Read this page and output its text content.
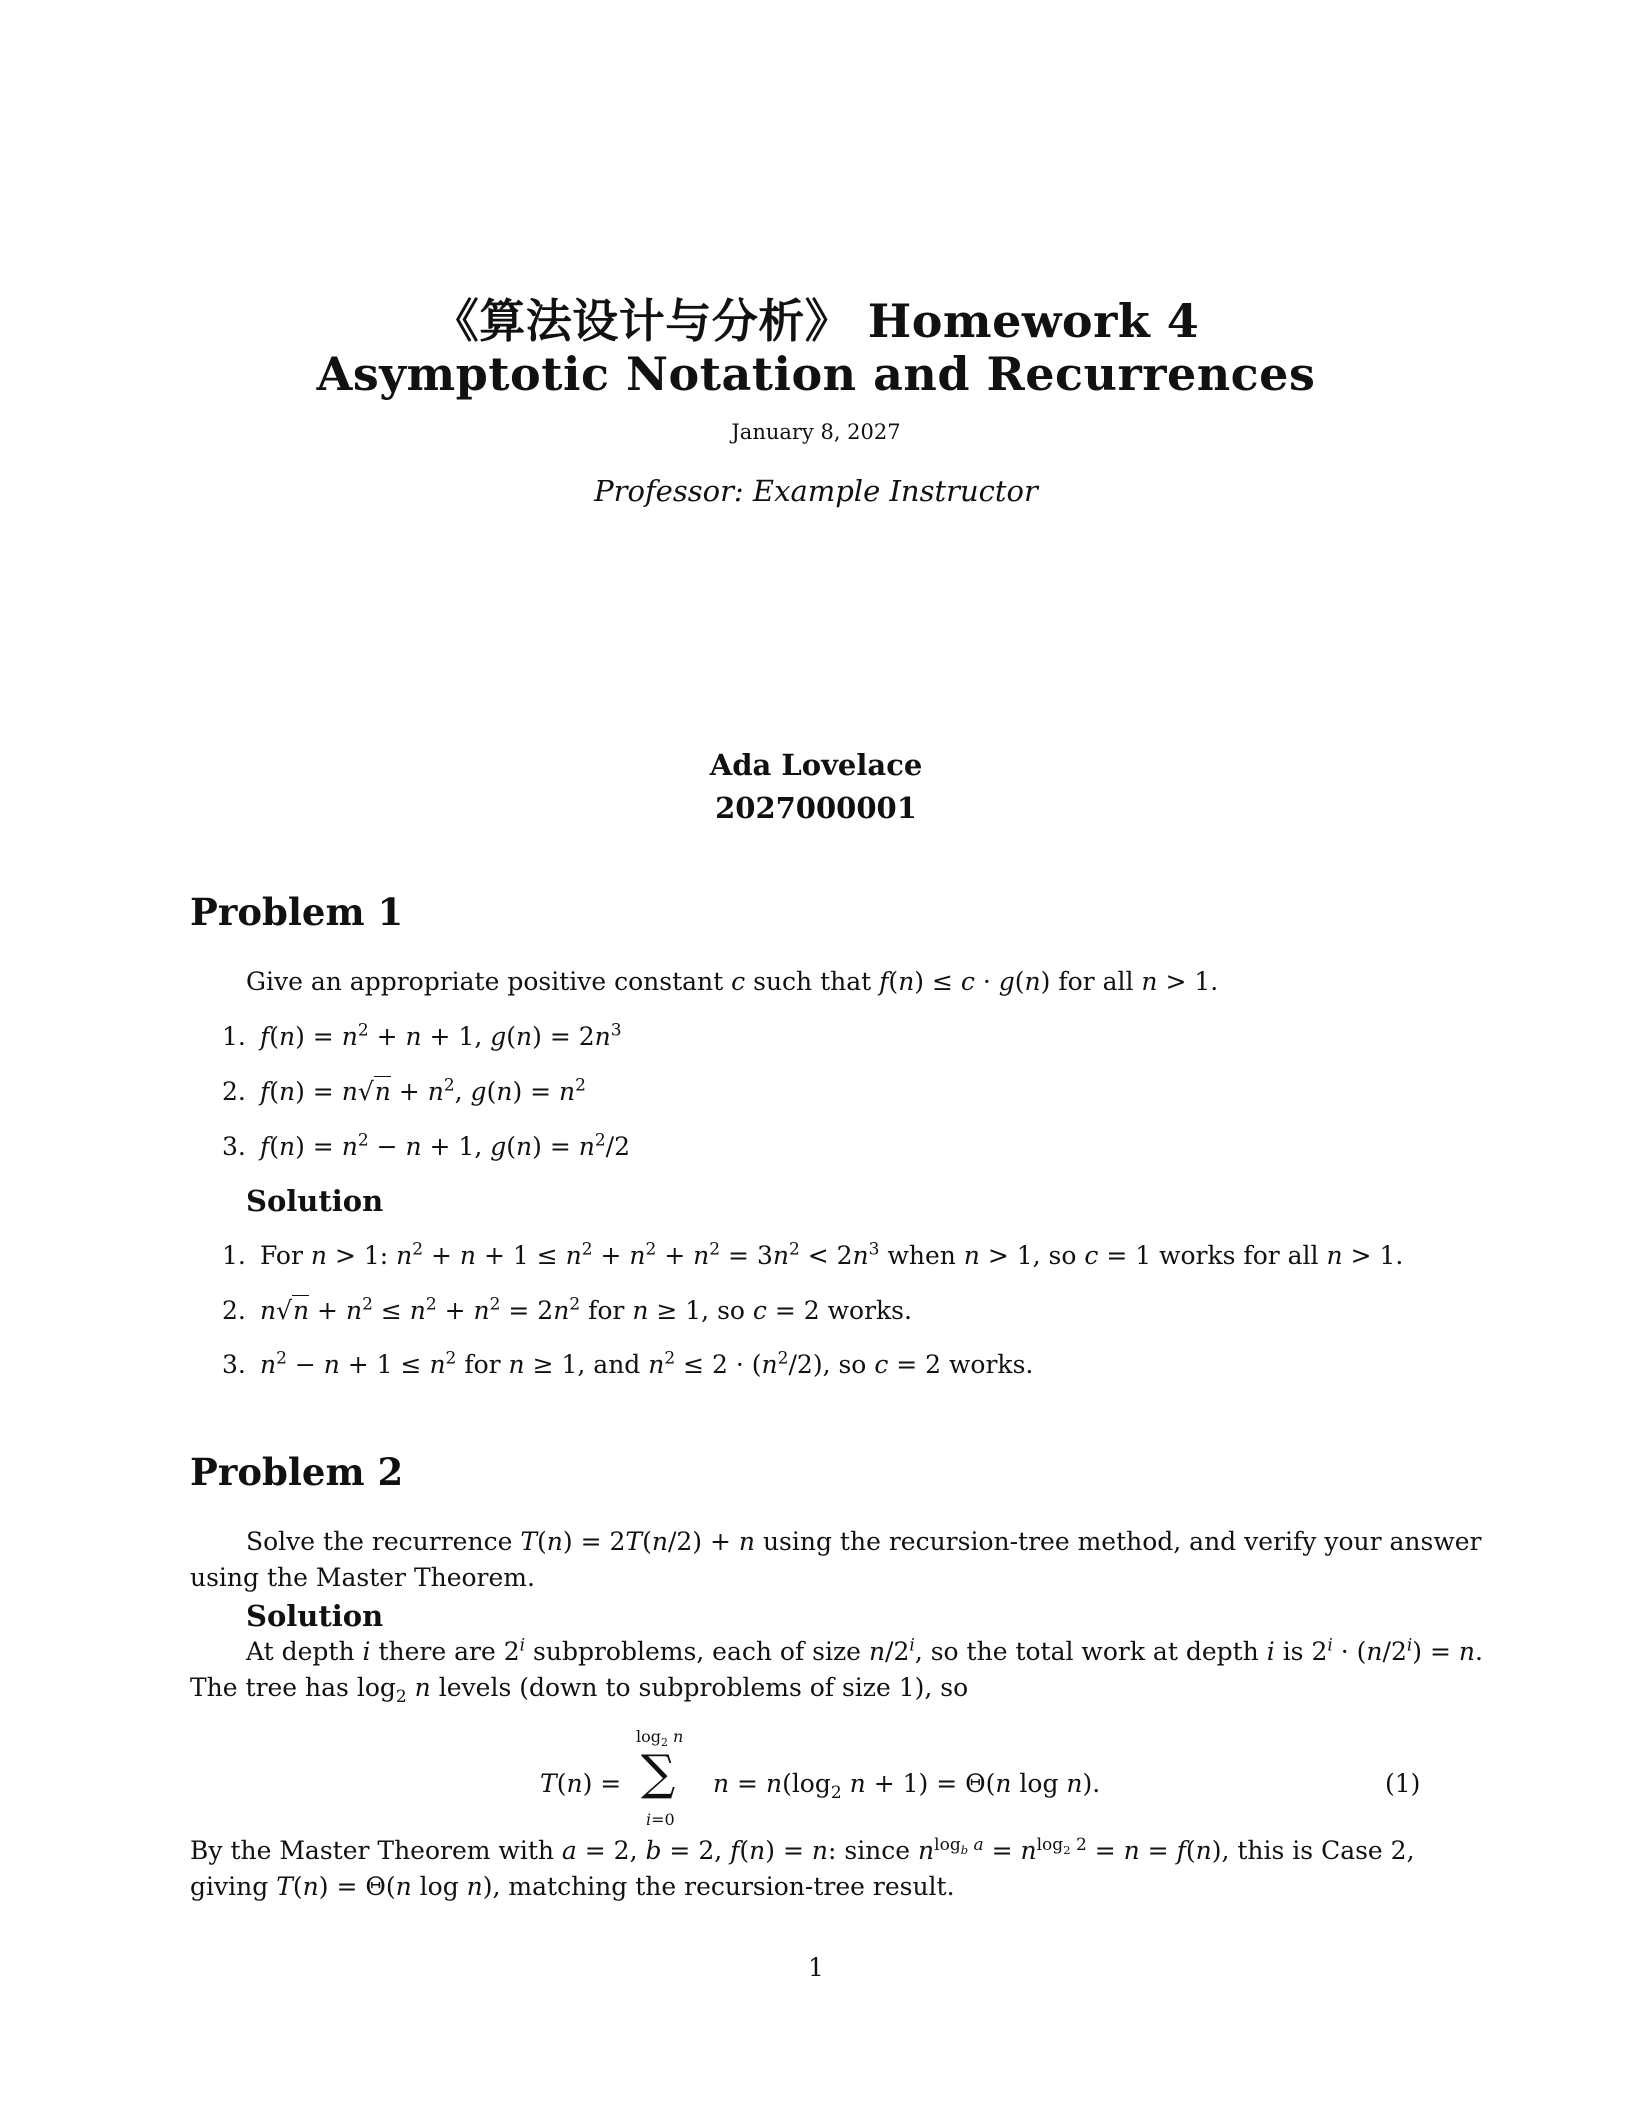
《算法设计与分析》 Homework 4
Asymptotic Notation and Recurrences
January 8, 2027
Professor: Example Instructor
Ada Lovelace
2027000001
Problem 1
Give an appropriate positive constant c such that f(n) ≤ c · g(n) for all n > 1.
1. $f(n) = n^2 + n + 1$, $g(n) = 2n^3$
2. $f(n) = n√n + n^2$, $g(n) = n^2$
3. $f(n) = n^2 - n + 1$, $g(n) = n^2/2$
Solution
1. For n > 1: $n^2 + n + 1 \le n^2 + n^2 + n^2 = 3n^2 < 2n^3$ when n > 1, so c = 1 works for all n > 1.
2. $n√n + n^2 \le n^2 + n^2 = 2n^2$ for n ≥ 1, so c = 2 works.
3. $n^2 - n + 1 \le n^2$ for n ≥ 1, and $n^2 \le 2 \cdot (n^2/2)$, so c = 2 works.
Problem 2
Solve the recurrence T(n) = 2T(n/2) + n using the recursion-tree method, and verify your answer
using the Master Theorem.
Solution
At depth i there are 2$^i$ subproblems, each of size n/2$^i$, so the total work at depth i is $2^i \cdot (n/2^i) = n$.
The tree has $\log_2 n$ levels (down to subproblems of size 1), so
T(n) =
$\log_2 n$
∑
i=0
$n = n(\log_2$ n + 1) = Θ(n log n).	(1)
By the Master Theorem with a = 2, b = 2, f(n) = n: since $n^{log_b a} = n^{log_2 2} = n = f(n)$, this is Case 2,
giving T(n) = Θ(n log n), matching the recursion-tree result.
1
